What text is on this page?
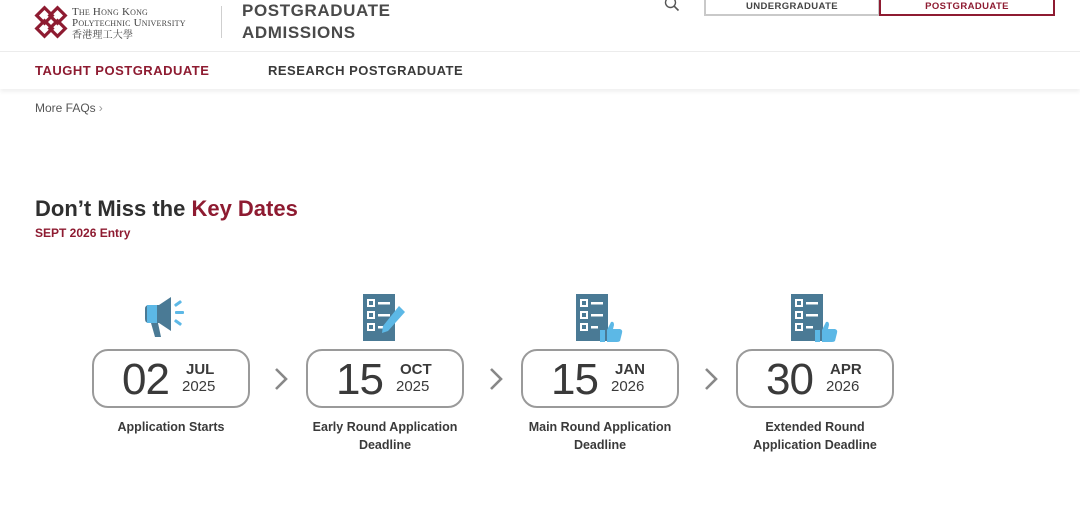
The Hong Kong
Polytechnic University
香港理工大學
POSTGRADUATE
ADMISSIONS
UNDERGRADUATE	POSTGRADUATE
TAUGHT POSTGRADUATE	RESEARCH POSTGRADUATE
More FAQs ›
Don’t Miss the Key Dates
SEPT 2026 Entry
02 JUL
2025
Application Starts
15 OCT
2025
Early Round Application Deadline
15 JAN
2026
Main Round Application Deadline
30 APR
2026
Extended Round Application Deadline
